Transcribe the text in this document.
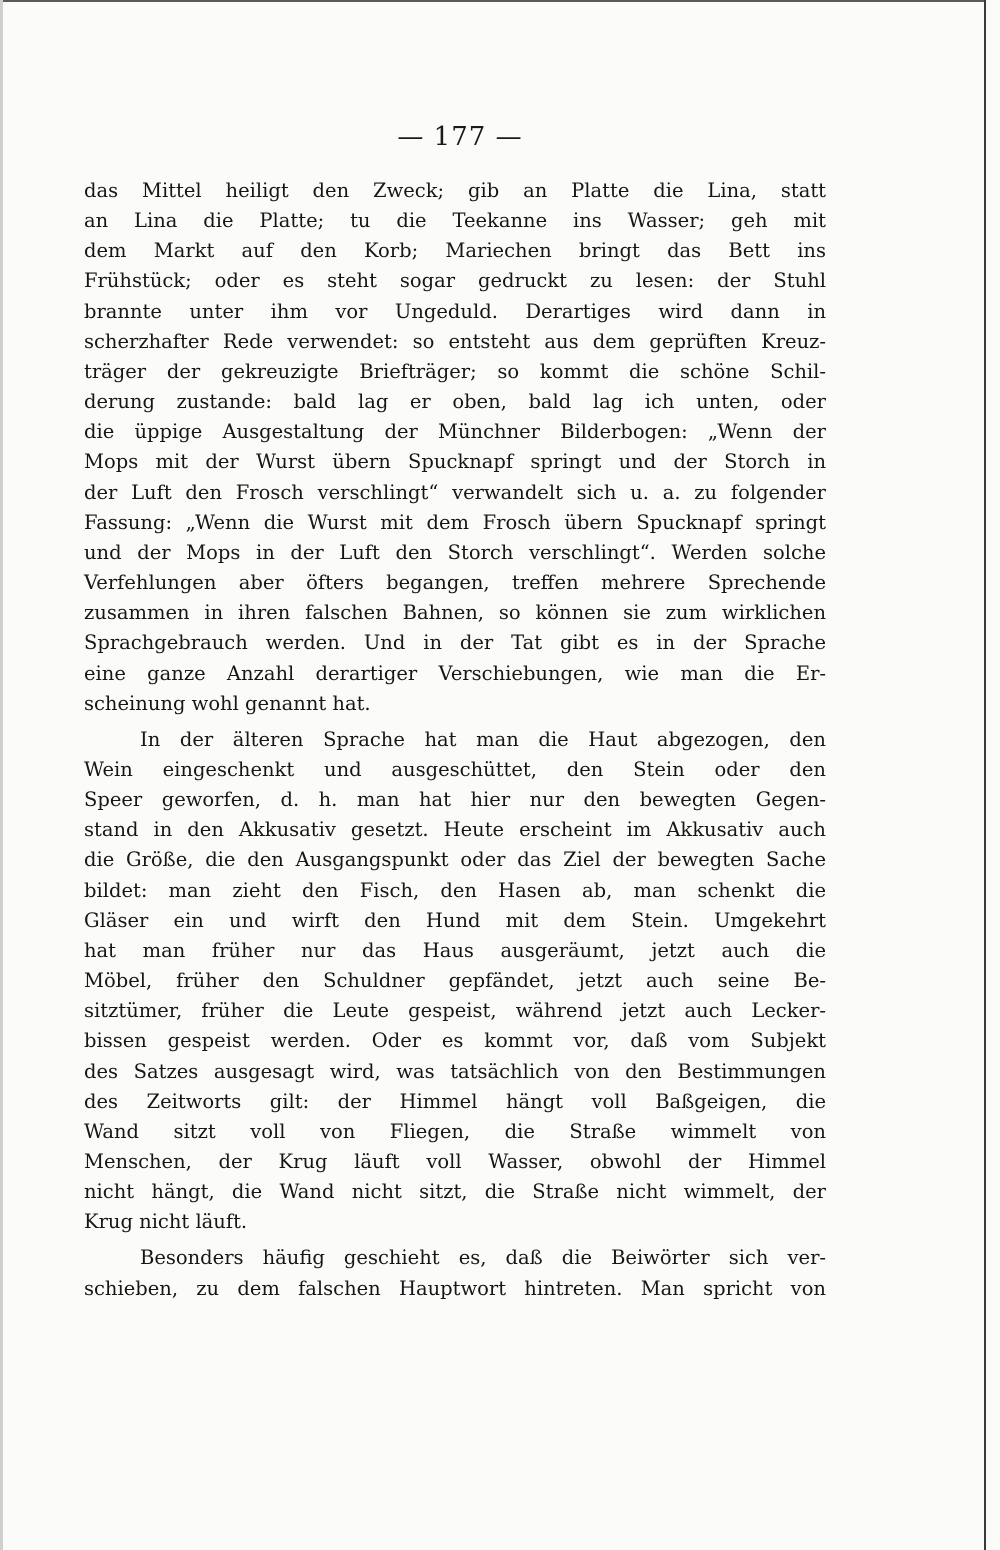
— 177 —

das Mittel heiligt den Zweck; gib an Platte die Lina, statt
an Lina die Platte; tu die Teekanne ins Wasser; geh mit
dem Markt auf den Korb; Mariechen bringt das Bett ins
Frühstück; oder es steht sogar gedruckt zu lesen: der Stuhl
brannte unter ihm vor Ungeduld. Derartiges wird dann in
scherzhafter Rede verwendet: so entsteht aus dem geprüften Kreuz-
träger der gekreuzigte Briefträger; so kommt die schöne Schil-
derung zustande: bald lag er oben, bald lag ich unten, oder
die üppige Ausgestaltung der Münchner Bilderbogen: „Wenn der
Mops mit der Wurst übern Spucknapf springt und der Storch in
der Luft den Frosch verschlingt“ verwandelt sich u. a. zu folgender
Fassung: „Wenn die Wurst mit dem Frosch übern Spucknapf springt
und der Mops in der Luft den Storch verschlingt“. Werden solche
Verfehlungen aber öfters begangen, treffen mehrere Sprechende
zusammen in ihren falschen Bahnen, so können sie zum wirklichen
Sprachgebrauch werden. Und in der Tat gibt es in der Sprache
eine ganze Anzahl derartiger Verschiebungen, wie man die Er-
scheinung wohl genannt hat.

In der älteren Sprache hat man die Haut abgezogen, den
Wein eingeschenkt und ausgeschüttet, den Stein oder den
Speer geworfen, d. h. man hat hier nur den bewegten Gegen-
stand in den Akkusativ gesetzt. Heute erscheint im Akkusativ auch
die Größe, die den Ausgangspunkt oder das Ziel der bewegten Sache
bildet: man zieht den Fisch, den Hasen ab, man schenkt die
Gläser ein und wirft den Hund mit dem Stein. Umgekehrt
hat man früher nur das Haus ausgeräumt, jetzt auch die
Möbel, früher den Schuldner gepfändet, jetzt auch seine Be-
sitztümer, früher die Leute gespeist, während jetzt auch Lecker-
bissen gespeist werden. Oder es kommt vor, daß vom Subjekt
des Satzes ausgesagt wird, was tatsächlich von den Bestimmungen
des Zeitworts gilt: der Himmel hängt voll Baßgeigen, die
Wand sitzt voll von Fliegen, die Straße wimmelt von
Menschen, der Krug läuft voll Wasser, obwohl der Himmel
nicht hängt, die Wand nicht sitzt, die Straße nicht wimmelt, der
Krug nicht läuft.

Besonders häufig geschieht es, daß die Beiwörter sich ver-
schieben, zu dem falschen Hauptwort hintreten. Man spricht von
